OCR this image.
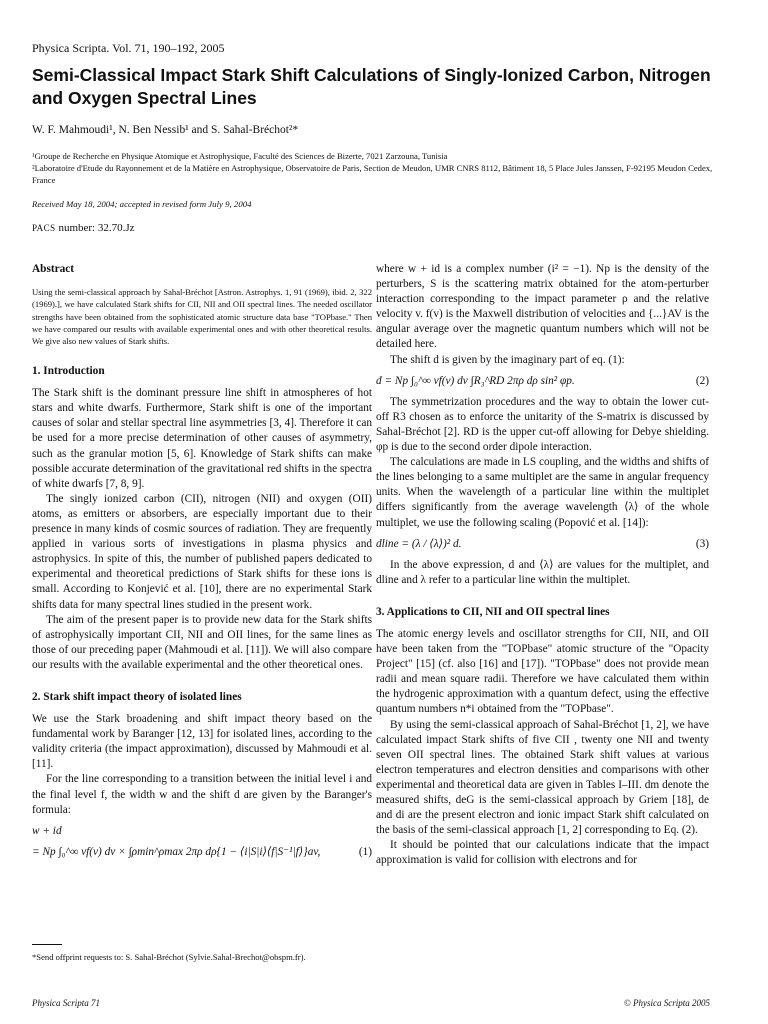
Physica Scripta. Vol. 71, 190–192, 2005
Semi-Classical Impact Stark Shift Calculations of Singly-Ionized Carbon, Nitrogen and Oxygen Spectral Lines
W. F. Mahmoudi¹, N. Ben Nessib¹ and S. Sahal-Bréchot²*

¹Groupe de Recherche en Physique Atomique et Astrophysique, Faculté des Sciences de Bizerte, 7021 Zarzouna, Tunisia

²Laboratoire d'Etude du Rayonnement et de la Matière en Astrophysique, Observatoire de Paris, Section de Meudon, UMR CNRS 8112, Bâtiment 18, 5 Place Jules Janssen, F-92195 Meudon Cedex, France

Received May 18, 2004; accepted in revised form July 9, 2004
PACS number: 32.70.Jz
Abstract

Using the semi-classical approach by Sahal-Bréchot [Astron. Astrophys. 1, 91 (1969), ibid. 2, 322 (1969).], we have calculated Stark shifts for CII, NII and OII spectral lines. The needed oscillator strengths have been obtained from the sophisticated atomic structure data base "TOPbase." Then we have compared our results with available experimental ones and with other theoretical results. We give also new values of Stark shifts.

1. Introduction

The Stark shift is the dominant pressure line shift in atmospheres of hot stars and white dwarfs. Furthermore, Stark shift is one of the important causes of solar and stellar spectral line asymmetries [3, 4]. Therefore it can be used for a more precise determination of other causes of asymmetry, such as the granular motion [5, 6]. Knowledge of Stark shifts can make possible accurate determination of the gravitational red shifts in the spectra of white dwarfs [7, 8, 9].

The singly ionized carbon (CII), nitrogen (NII) and oxygen (OII) atoms, as emitters or absorbers, are especially important due to their presence in many kinds of cosmic sources of radiation. They are frequently applied in various sorts of investigations in plasma physics and astrophysics. In spite of this, the number of published papers dedicated to experimental and theoretical predictions of Stark shifts for these ions is small. According to Konjević et al. [10], there are no experimental Stark shifts data for many spectral lines studied in the present work.

The aim of the present paper is to provide new data for the Stark shifts of astrophysically important CII, NII and OII lines, for the same lines as those of our preceding paper (Mahmoudi et al. [11]). We will also compare our results with the available experimental and the other theoretical ones.

2. Stark shift impact theory of isolated lines

We use the Stark broadening and shift impact theory based on the fundamental work by Baranger [12, 13] for isolated lines, according to the validity criteria (the impact approximation), discussed by Mahmoudi et al. [11].

For the line corresponding to a transition between the initial level i and the final level f, the width w and the shift d are given by the Baranger's formula:

w + id
= Np ∫₀^∞ vf(v) dv × ∫ρmin^ρmax 2πρ dρ{1 − ⟨i|S|i⟩⟨f|S⁻¹|f⟩}av,	(1)

where w + id is a complex number (i² = −1). Np is the density of the perturbers, S is the scattering matrix obtained for the atom-perturber interaction corresponding to the impact parameter ρ and the relative velocity v. f(v) is the Maxwell distribution of velocities and {...}AV is the angular average over the magnetic quantum numbers which will not be detailed here.

The shift d is given by the imaginary part of eq. (1):

d = Np ∫₀^∞ vf(v) dv ∫R₃^RD 2πρ dρ sin² φp.	(2)

The symmetrization procedures and the way to obtain the lower cut-off R3 chosen as to enforce the unitarity of the S-matrix is discussed by Sahal-Bréchot [2]. RD is the upper cut-off allowing for Debye shielding. φp is due to the second order dipole interaction.

The calculations are made in LS coupling, and the widths and shifts of the lines belonging to a same multiplet are the same in angular frequency units. When the wavelength of a particular line within the multiplet differs significantly from the average wavelength ⟨λ⟩ of the whole multiplet, we use the following scaling (Popović et al. [14]):

dline = (λ / ⟨λ⟩)² d.	(3)

In the above expression, d and ⟨λ⟩ are values for the multiplet, and dline and λ refer to a particular line within the multiplet.

3. Applications to CII, NII and OII spectral lines

The atomic energy levels and oscillator strengths for CII, NII, and OII have been taken from the "TOPbase" atomic structure of the "Opacity Project" [15] (cf. also [16] and [17]). "TOPbase" does not provide mean radii and mean square radii. Therefore we have calculated them within the hydrogenic approximation with a quantum defect, using the effective quantum numbers n*i obtained from the "TOPbase".

By using the semi-classical approach of Sahal-Bréchot [1, 2], we have calculated impact Stark shifts of five CII , twenty one NII and twenty seven OII spectral lines. The obtained Stark shift values at various electron temperatures and electron densities and comparisons with other experimental and theoretical data are given in Tables I–III. dm denote the measured shifts, deG is the semi-classical approach by Griem [18], de and di are the present electron and ionic impact Stark shift calculated on the basis of the semi-classical approach [1, 2] corresponding to Eq. (2).

It should be pointed that our calculations indicate that the impact approximation is valid for collision with electrons and for

*Send offprint requests to: S. Sahal-Bréchot (Sylvie.Sahal-Brechot@obspm.fr).
Physica Scripta 71	© Physica Scripta 2005
